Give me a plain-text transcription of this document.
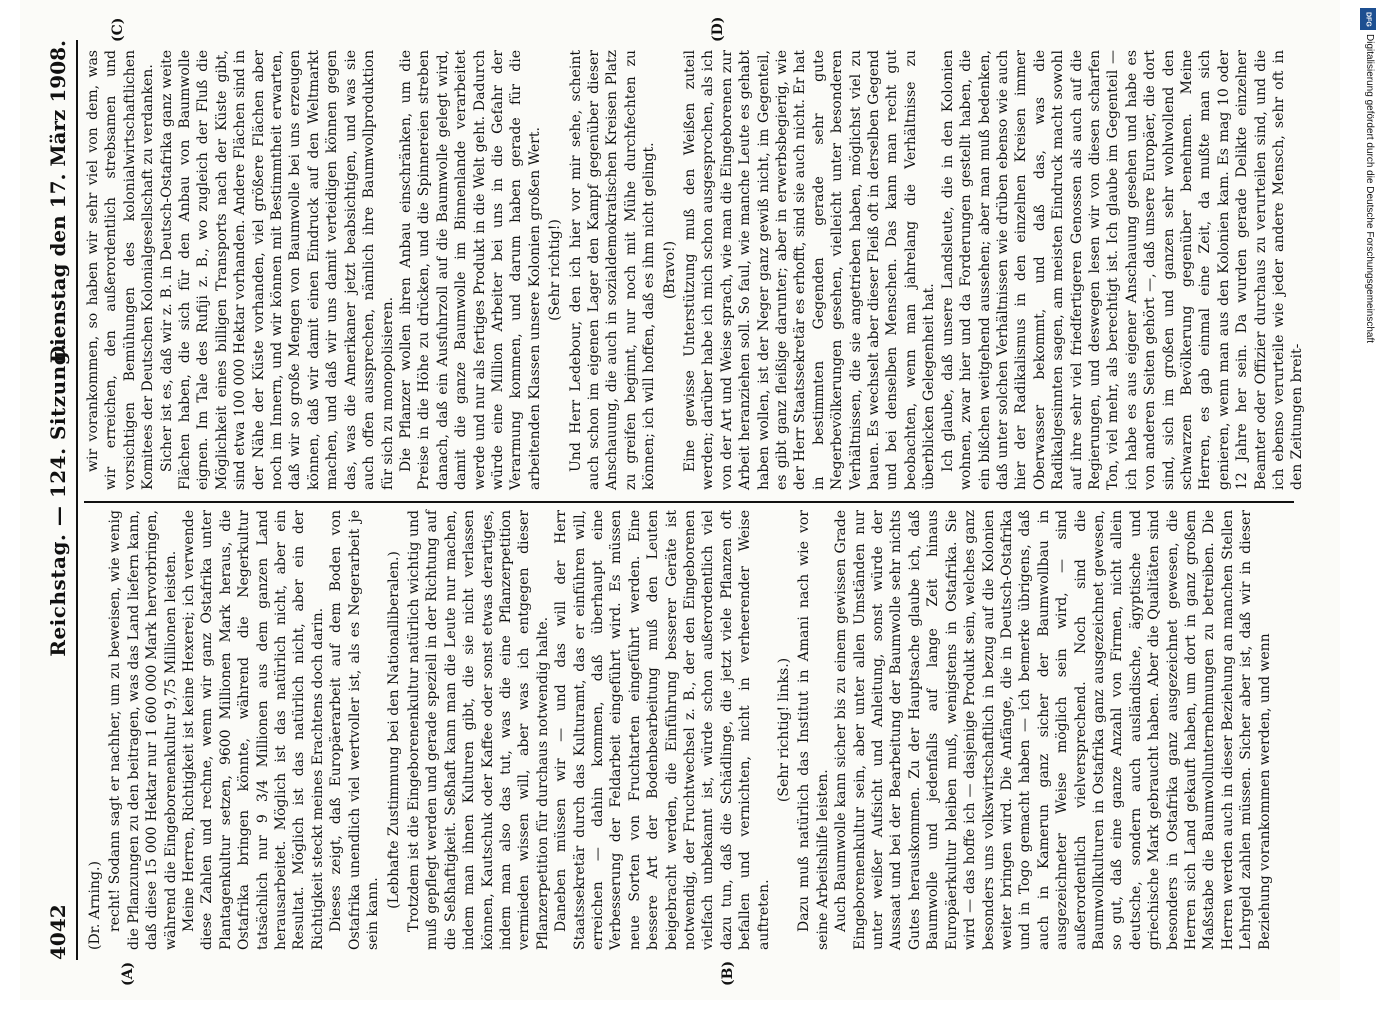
4042
Reichstag. — 124. Sitzung.
Dienstag den 17. März 1908.
(A)	(B)
(C)	(D)

(Dr. Arning.) recht! Sodann sagt er nachher, um zu beweisen, wie wenig die Pflanzungen zu den beitragen, was das Land liefern kann, daß diese 15 000 Hektar nur 1 600 000 Mark hervorbringen, während die Eingeborenenkultur 9,75 Millionen leisten. Meine Herren, Richtigkeit ist keine Hexerei; ich verwende diese Zahlen und rechne, wenn wir ganz Ostafrika unter Plantagenkultur setzen, 9600 Millionen Mark heraus, die Ostafrika bringen könnte, während die Negerkultur tatsächlich nur 9 3/4 Millionen aus dem ganzen Land herausarbeitet. Möglich ist das natürlich nicht, aber ein Resultat. Möglich ist das natürlich nicht, aber ein der Richtigkeit steckt meines Erachtens doch darin. Dieses zeigt, daß Europäerarbeit auf dem Boden von Ostafrika unendlich viel wertvoller ist, als es Negerarbeit je sein kann.

(Lebhafte Zustimmung bei den Nationalliberalen.) Trotzdem ist die Eingeborenenkultur natürlich wichtig und muß gepflegt werden und gerade speziell in der Richtung auf die Seßhaftigkeit. Seßhaft kann man die Leute nur machen, indem man ihnen Kulturen gibt, die sie nicht verlassen können, Kautschuk oder Kaffee oder sonst etwas derartiges, indem man also das tut, was die eine Pflanzerpetition vermieden wissen will, aber was ich entgegen dieser Pflanzerpetition für durchaus notwendig halte. Daneben müssen wir — und das will der Herr Staatssekretär durch das Kulturamt, das er einführen will, erreichen — dahin kommen, daß überhaupt eine Verbesserung der Feldarbeit eingeführt wird. Es müssen neue Sorten von Fruchtarten eingeführt werden. Eine bessere Art der Bodenbearbeitung muß den Leuten beigebracht werden, die Einführung besserer Geräte ist notwendig, der Fruchtwechsel z. B., der den Eingeborenen vielfach unbekannt ist, würde schon außerordentlich viel dazu tun, daß die Schädlinge, die jetzt viele Pflanzen oft befallen und vernichten, nicht in verheerender Weise auftreten.

(Sehr richtig! links.) Dazu muß natürlich das Institut in Amani nach wie vor seine Arbeitshilfe leisten. Auch Baumwolle kann sicher bis zu einem gewissen Grade Eingeborenenkultur sein, aber unter allen Umständen nur unter weißer Aufsicht und Anleitung, sonst würde der Aussaat und bei der Bearbeitung der Baumwolle sehr nichts Gutes herauskommen. Zu der Hauptsache glaube ich, daß Baumwolle und jedenfalls auf lange Zeit hinaus Europäerkultur bleiben muß, wenigstens in Ostafrika. Sie wird — das hoffe ich — dasjenige Produkt sein, welches ganz besonders uns volkswirtschaftlich in bezug auf die Kolonien weiter bringen wird. Die Anfänge, die in Deutsch-Ostafrika und in Togo gemacht haben — ich bemerke übrigens, daß auch in Kamerun ganz sicher der Baumwollbau in ausgezeichneter Weise möglich sein wird, — sind außerordentlich vielversprechend. Noch sind die Baumwollkulturen in Ostafrika ganz ausgezeichnet gewesen, so gut, daß eine ganze Anzahl von Firmen, nicht allein deutsche, sondern auch ausländische, ägyptische und griechische Mark gebraucht haben. Aber die Qualitäten sind besonders in Ostafrika ganz ausgezeichnet gewesen, die Herren sich Land gekauft haben, um dort in ganz großem Maßstabe die Baumwollunternehmungen zu betreiben. Die Herren werden auch in dieser Beziehung an manchen Stellen Lehrgeld zahlen müssen. Sicher aber ist, daß wir in dieser Beziehung vorankommen werden, und wenn

wir vorankommen, so haben wir sehr viel von dem, was wir erreichen, den außerordentlich strebsamen und vorsichtigen Bemühungen des kolonialwirtschaftlichen Komitees der Deutschen Kolonialgesellschaft zu verdanken. Sicher ist es, daß wir z. B. in Deutsch-Ostafrika ganz weite Flächen haben, die sich für den Anbau von Baumwolle eignen. Im Tale des Rufiji z. B., wo zugleich der Fluß die Möglichkeit eines billigen Transports nach der Küste gibt, sind etwa 100 000 Hektar vorhanden. Andere Flächen sind in der Nähe der Küste vorhanden, viel größere Flächen aber noch im Innern, und wir können mit Bestimmtheit erwarten, daß wir so große Mengen von Baumwolle bei uns erzeugen können, daß wir damit einen Eindruck auf den Weltmarkt machen, und daß wir uns damit verteidigen können gegen das, was die Amerikaner jetzt beabsichtigen, und was sie auch offen aussprechen, nämlich ihre Baumwollproduktion für sich zu monopolisieren. Die Pflanzer wollen ihren Anbau einschränken, um die Preise in die Höhe zu drücken, und die Spinnereien streben danach, daß ein Ausfuhrzoll auf die Baumwolle gelegt wird, damit die ganze Baumwolle im Binnenlande verarbeitet werde und nur als fertiges Produkt in die Welt geht. Dadurch würde eine Million Arbeiter bei uns in die Gefahr der Verarmung kommen, und darum haben gerade für die arbeitenden Klassen unsere Kolonien großen Wert. (Sehr richtig!) Und Herr Ledebour, den ich hier vor mir sehe, scheint auch schon im eigenen Lager den Kampf gegenüber dieser Anschauung, die auch in sozialdemokratischen Kreisen Platz zu greifen beginnt, nur noch mit Mühe durchfechten zu können; ich will hoffen, daß es ihm nicht gelingt. (Bravo!) Eine gewisse Unterstützung muß den Weißen zuteil werden; darüber habe ich mich schon ausgesprochen, als ich von der Art und Weise sprach, wie man die Eingeborenen zur Arbeit heranziehen soll. So faul, wie manche Leute es gehabt haben wollen, ist der Neger ganz gewiß nicht, im Gegenteil, es gibt ganz fleißige darunter; aber in erwerbsbegierig, wie der Herr Staatssekretär es erhofft, sind sie auch nicht. Er hat in bestimmten Gegenden gerade sehr gute Negerbevölkerungen gesehen, vielleicht unter besonderen Verhältnissen, die sie angetrieben haben, möglichst viel zu bauen. Es wechselt aber dieser Fleiß oft in derselben Gegend und bei denselben Menschen. Das kann man recht gut beobachten, wenn man jahrelang die Verhältnisse zu überblicken Gelegenheit hat. Ich glaube, daß unsere Landsleute, die in den Kolonien wohnen, zwar hier und da Forderungen gestellt haben, die ein bißchen weitgehend aussehen; aber man muß bedenken, daß unter solchen Verhältnissen wie drüben ebenso wie auch hier der Radikalismus in den einzelnen Kreisen immer Oberwasser bekommt, und daß das, was die Radikalgesinnten sagen, am meisten Eindruck macht sowohl auf ihre sehr viel friedfertigeren Genossen als auch auf die Regierungen, und deswegen lesen wir von diesen scharfen Ton, viel mehr, als berechtigt ist. Ich glaube im Gegenteil — ich habe es aus eigener Anschauung gesehen und habe es von anderen Seiten gehört —, daß unsere Europäer, die dort sind, sich im großen und ganzen sehr wohlwollend den schwarzen Bevölkerung gegenüber benehmen. Meine Herren, es gab einmal eine Zeit, da mußte man sich genieren, wenn man aus den Kolonien kam. Es mag 10 oder 12 Jahre her sein. Da wurden gerade Delikte einzelner Beamter oder Offizier durchaus zu verurteilen sind, und die ich ebenso verurteile wie jeder andere Mensch, sehr oft in den Zeitungen breit-

DFG
Digitalisierung gefördert durch die Deutsche Forschungsgemeinschaft
